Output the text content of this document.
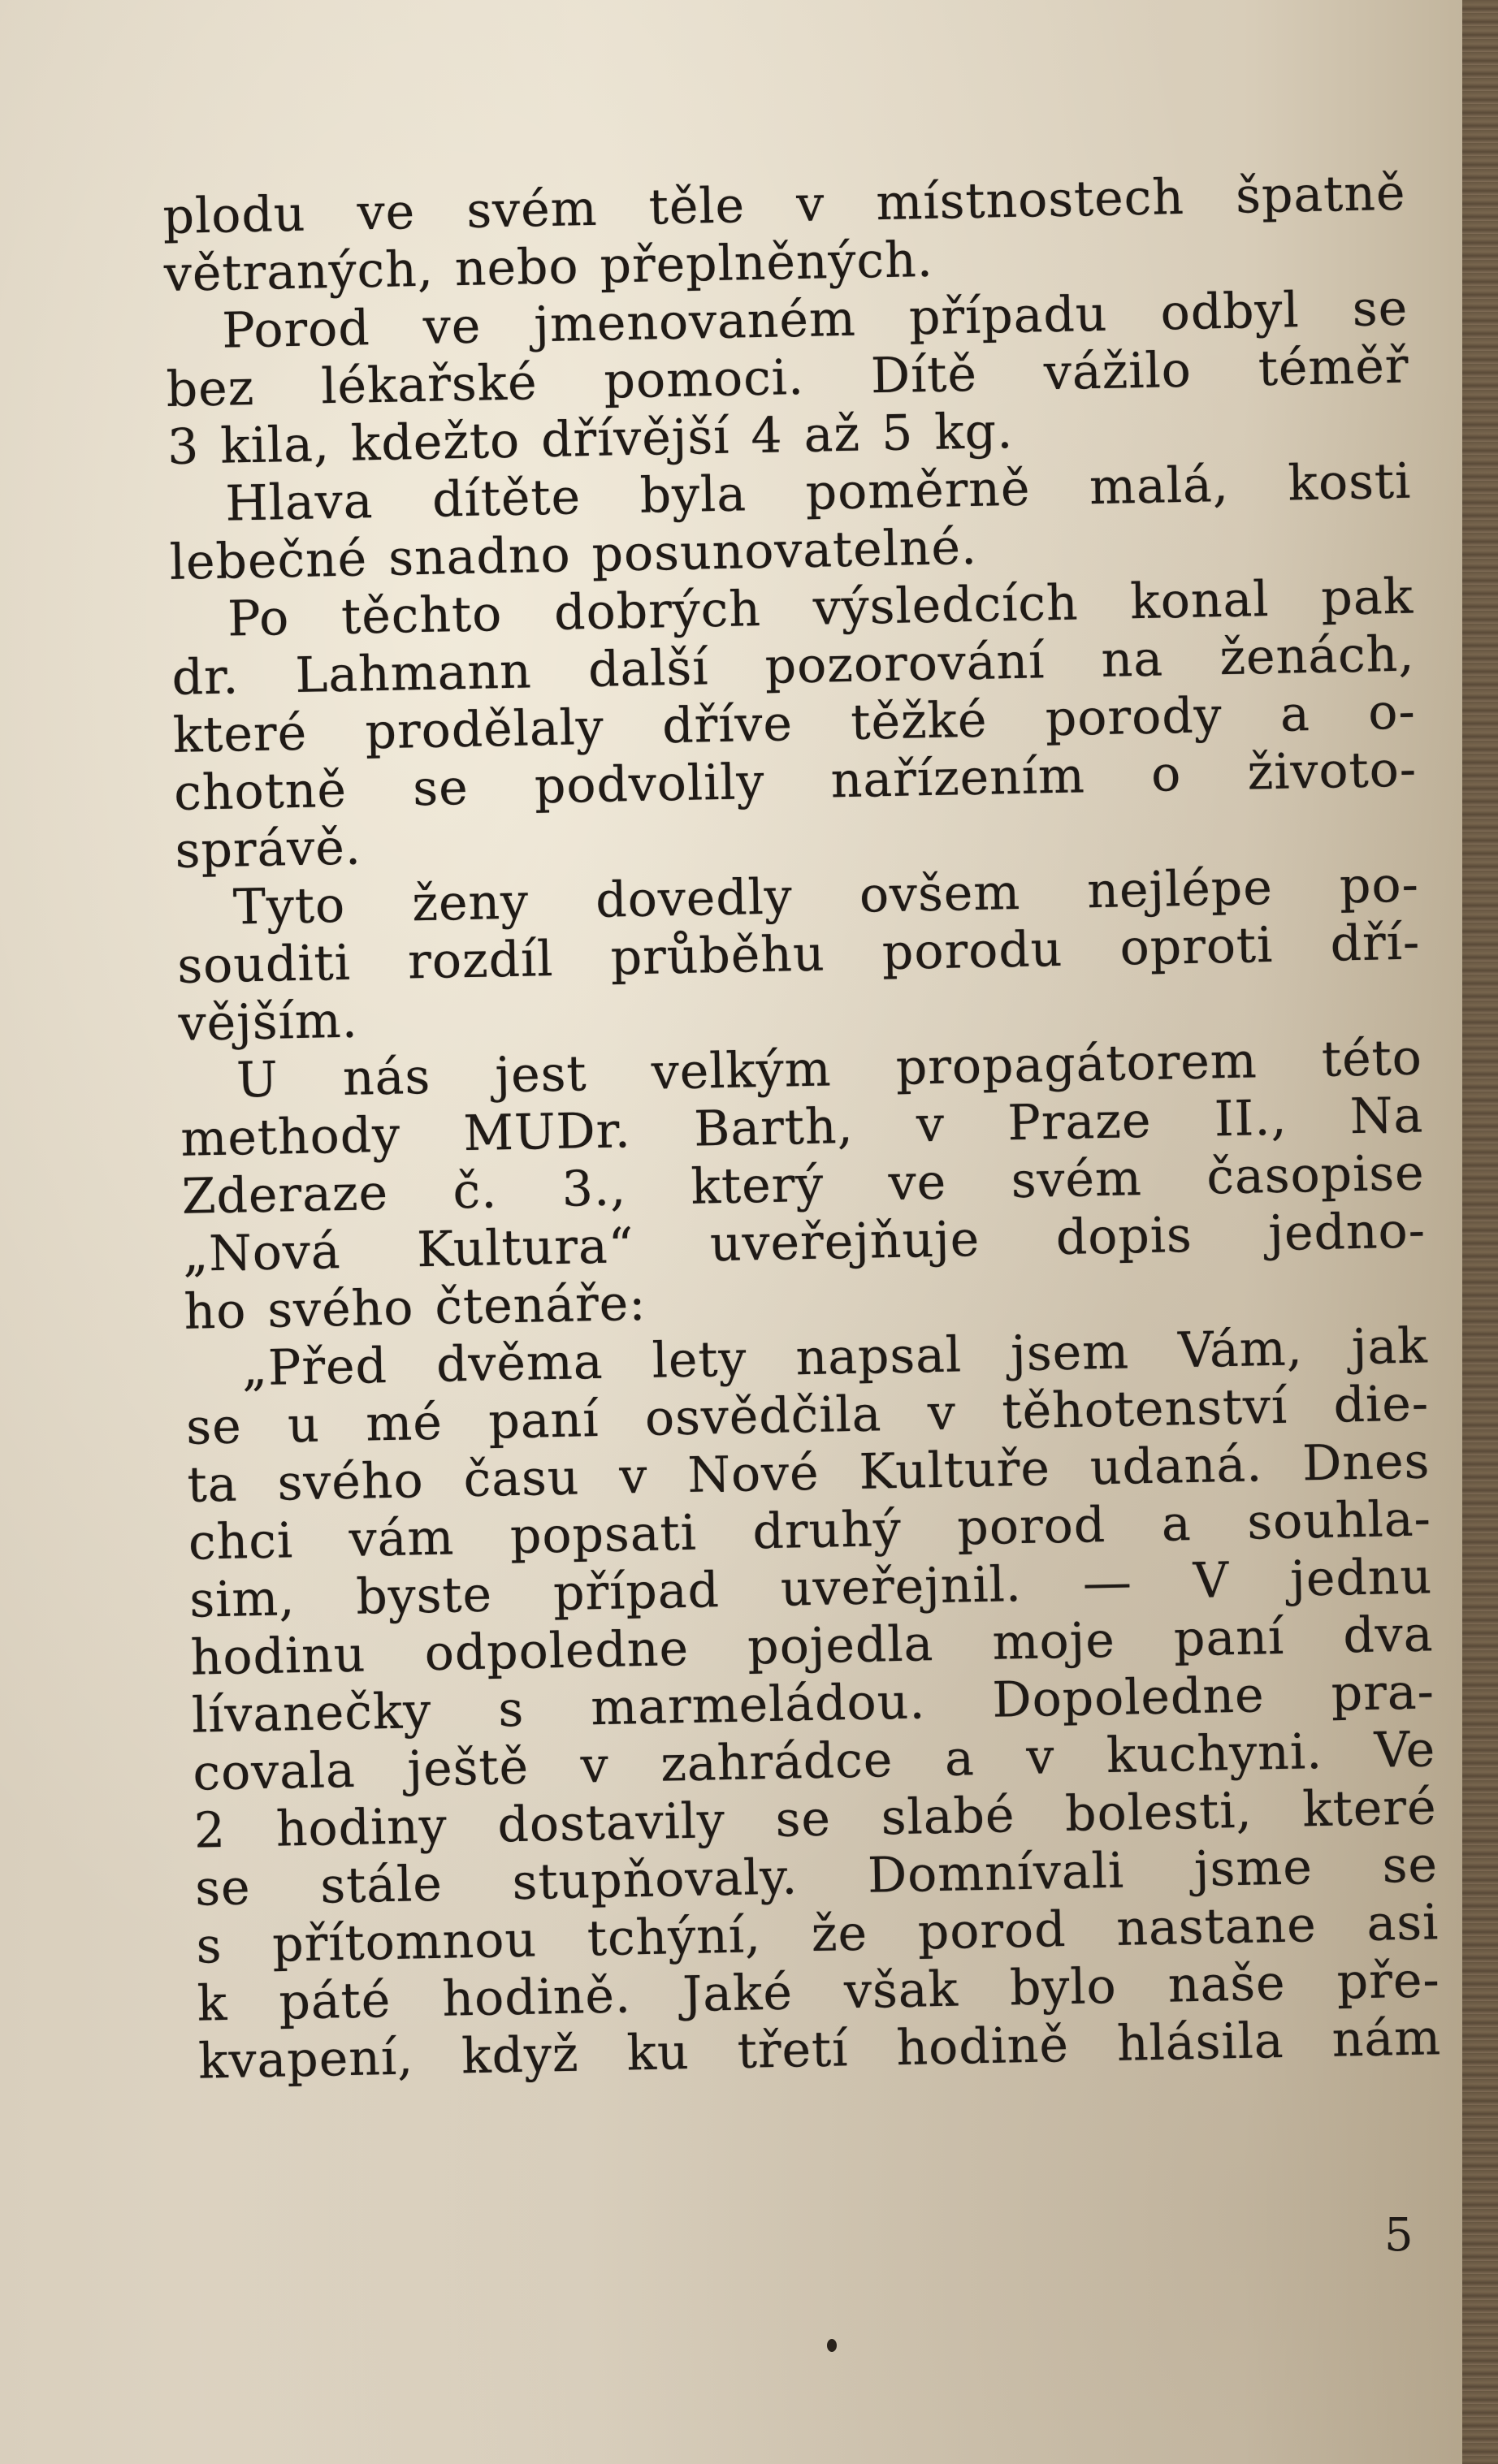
plodu ve svém těle v místnostech špatně
větraných, nebo přeplněných.
Porod ve jmenovaném případu odbyl se
bez lékařské pomoci. Dítě vážilo téměř
3 kila, kdežto dřívější 4 až 5 kg.
Hlava dítěte byla poměrně malá, kosti
lebečné snadno posunovatelné.
Po těchto dobrých výsledcích konal pak
dr. Lahmann další pozorování na ženách,
které prodělaly dříve těžké porody a o-
chotně se podvolily nařízením o životo-
správě.
Tyto ženy dovedly ovšem nejlépe po-
souditi rozdíl průběhu porodu oproti dří-
vějším.
U nás jest velkým propagátorem této
methody MUDr. Barth, v Praze II., Na
Zderaze č. 3., který ve svém časopise
„Nová Kultura“ uveřejňuje dopis jedno-
ho svého čtenáře:
„Před dvěma lety napsal jsem Vám, jak
se u mé paní osvědčila v těhotenství die-
ta svého času v Nové Kultuře udaná. Dnes
chci vám popsati druhý porod a souhla-
sim, byste případ uveřejnil. — V jednu
hodinu odpoledne pojedla moje paní dva
lívanečky s marmeládou. Dopoledne pra-
covala ještě v zahrádce a v kuchyni. Ve
2 hodiny dostavily se slabé bolesti, které
se stále stupňovaly. Domnívali jsme se
s přítomnou tchýní, že porod nastane asi
k páté hodině. Jaké však bylo naše pře-
kvapení, když ku třetí hodině hlásila nám
5
